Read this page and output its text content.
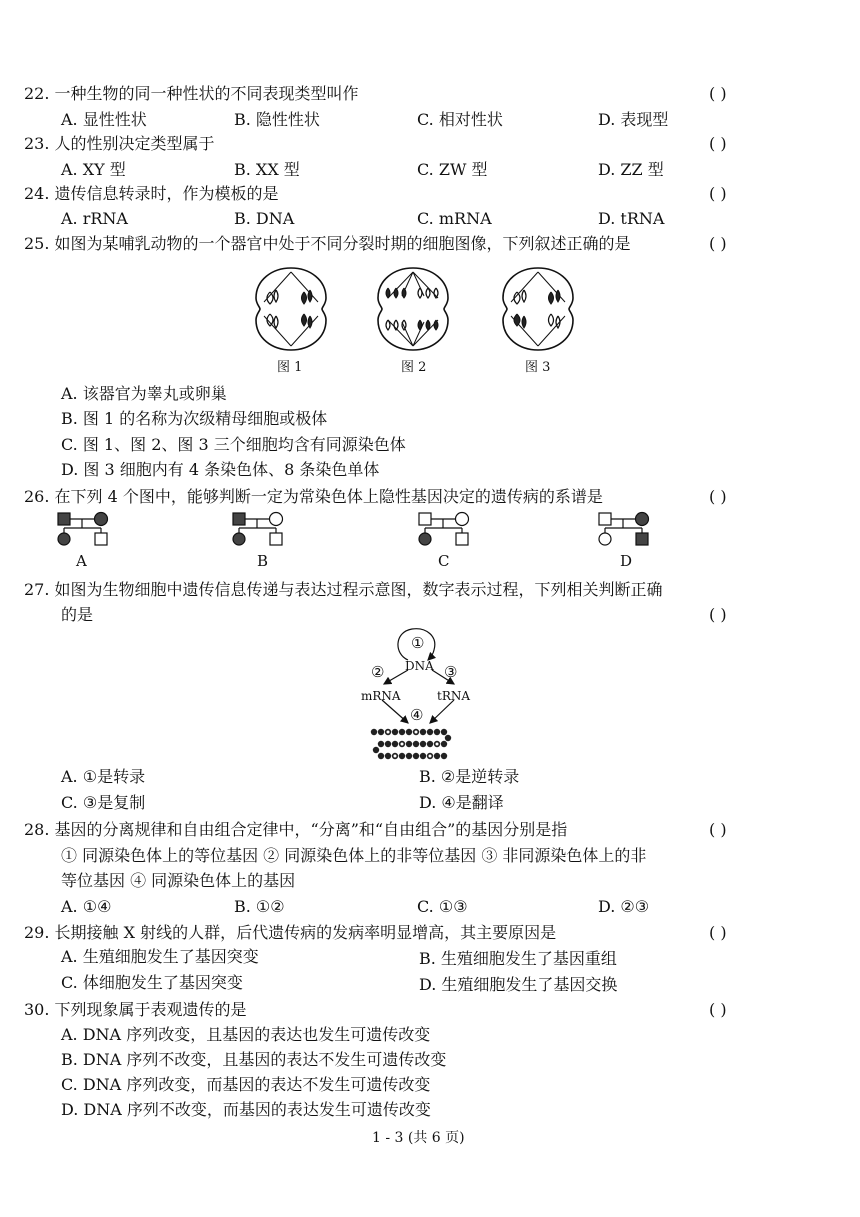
22. 一种生物的同一种性状的不同表现类型叫作	( )
A. 显性性状	B. 隐性性状	C. 相对性状	D. 表现型
23. 人的性别决定类型属于	( )
A. XY 型	B. XX 型	C. ZW 型	D. ZZ 型
24. 遗传信息转录时，作为模板的是	( )
A. rRNA	B. DNA	C. mRNA	D. tRNA
25. 如图为某哺乳动物的一个器官中处于不同分裂时期的细胞图像，下列叙述正确的是	( )
图 1	图 2	图 3
A. 该器官为睾丸或卵巢
B. 图 1 的名称为次级精母细胞或极体
C. 图 1、图 2、图 3 三个细胞均含有同源染色体
D. 图 3 细胞内有 4 条染色体、8 条染色单体
26. 在下列 4 个图中，能够判断一定为常染色体上隐性基因决定的遗传病的系谱是	( )
A	B	C	D
27. 如图为生物细胞中遗传信息传递与表达过程示意图，数字表示过程，下列相关判断正确
的是	( )
①
DNA
②	③
mRNA	tRNA
④
A. ①是转录	B. ②是逆转录
C. ③是复制	D. ④是翻译
28. 基因的分离规律和自由组合定律中，“分离”和“自由组合”的基因分别是指	( )
① 同源染色体上的等位基因 ② 同源染色体上的非等位基因 ③ 非同源染色体上的非
等位基因 ④ 同源染色体上的基因
A. ①④	B. ①②	C. ①③	D. ②③
29. 长期接触 X 射线的人群，后代遗传病的发病率明显增高，其主要原因是	( )
A. 生殖细胞发生了基因突变	B. 生殖细胞发生了基因重组
C. 体细胞发生了基因突变	D. 生殖细胞发生了基因交换
30. 下列现象属于表观遗传的是	( )
A. DNA 序列改变，且基因的表达也发生可遗传改变
B. DNA 序列不改变，且基因的表达不发生可遗传改变
C. DNA 序列改变，而基因的表达不发生可遗传改变
D. DNA 序列不改变，而基因的表达发生可遗传改变
1 - 3 (共 6 页)
